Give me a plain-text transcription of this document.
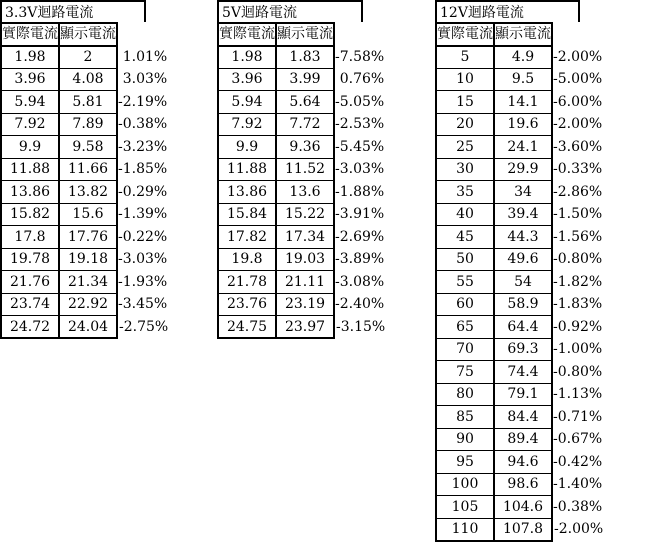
3.3V迴路電流
實際電流	顯示電流	
1.98	2	1.01%
3.96	4.08	3.03%
5.94	5.81	-2.19%
7.92	7.89	-0.38%
9.9	9.58	-3.23%
11.88	11.66	-1.85%
13.86	13.82	-0.29%
15.82	15.6	-1.39%
17.8	17.76	-0.22%
19.78	19.18	-3.03%
21.76	21.34	-1.93%
23.74	22.92	-3.45%
24.72	24.04	-2.75%
5V迴路電流
實際電流	顯示電流	
1.98	1.83	-7.58%
3.96	3.99	0.76%
5.94	5.64	-5.05%
7.92	7.72	-2.53%
9.9	9.36	-5.45%
11.88	11.52	-3.03%
13.86	13.6	-1.88%
15.84	15.22	-3.91%
17.82	17.34	-2.69%
19.8	19.03	-3.89%
21.78	21.11	-3.08%
23.76	23.19	-2.40%
24.75	23.97	-3.15%
12V迴路電流
實際電流	顯示電流	
5	4.9	-2.00%
10	9.5	-5.00%
15	14.1	-6.00%
20	19.6	-2.00%
25	24.1	-3.60%
30	29.9	-0.33%
35	34	-2.86%
40	39.4	-1.50%
45	44.3	-1.56%
50	49.6	-0.80%
55	54	-1.82%
60	58.9	-1.83%
65	64.4	-0.92%
70	69.3	-1.00%
75	74.4	-0.80%
80	79.1	-1.13%
85	84.4	-0.71%
90	89.4	-0.67%
95	94.6	-0.42%
100	98.6	-1.40%
105	104.6	-0.38%
110	107.8	-2.00%
